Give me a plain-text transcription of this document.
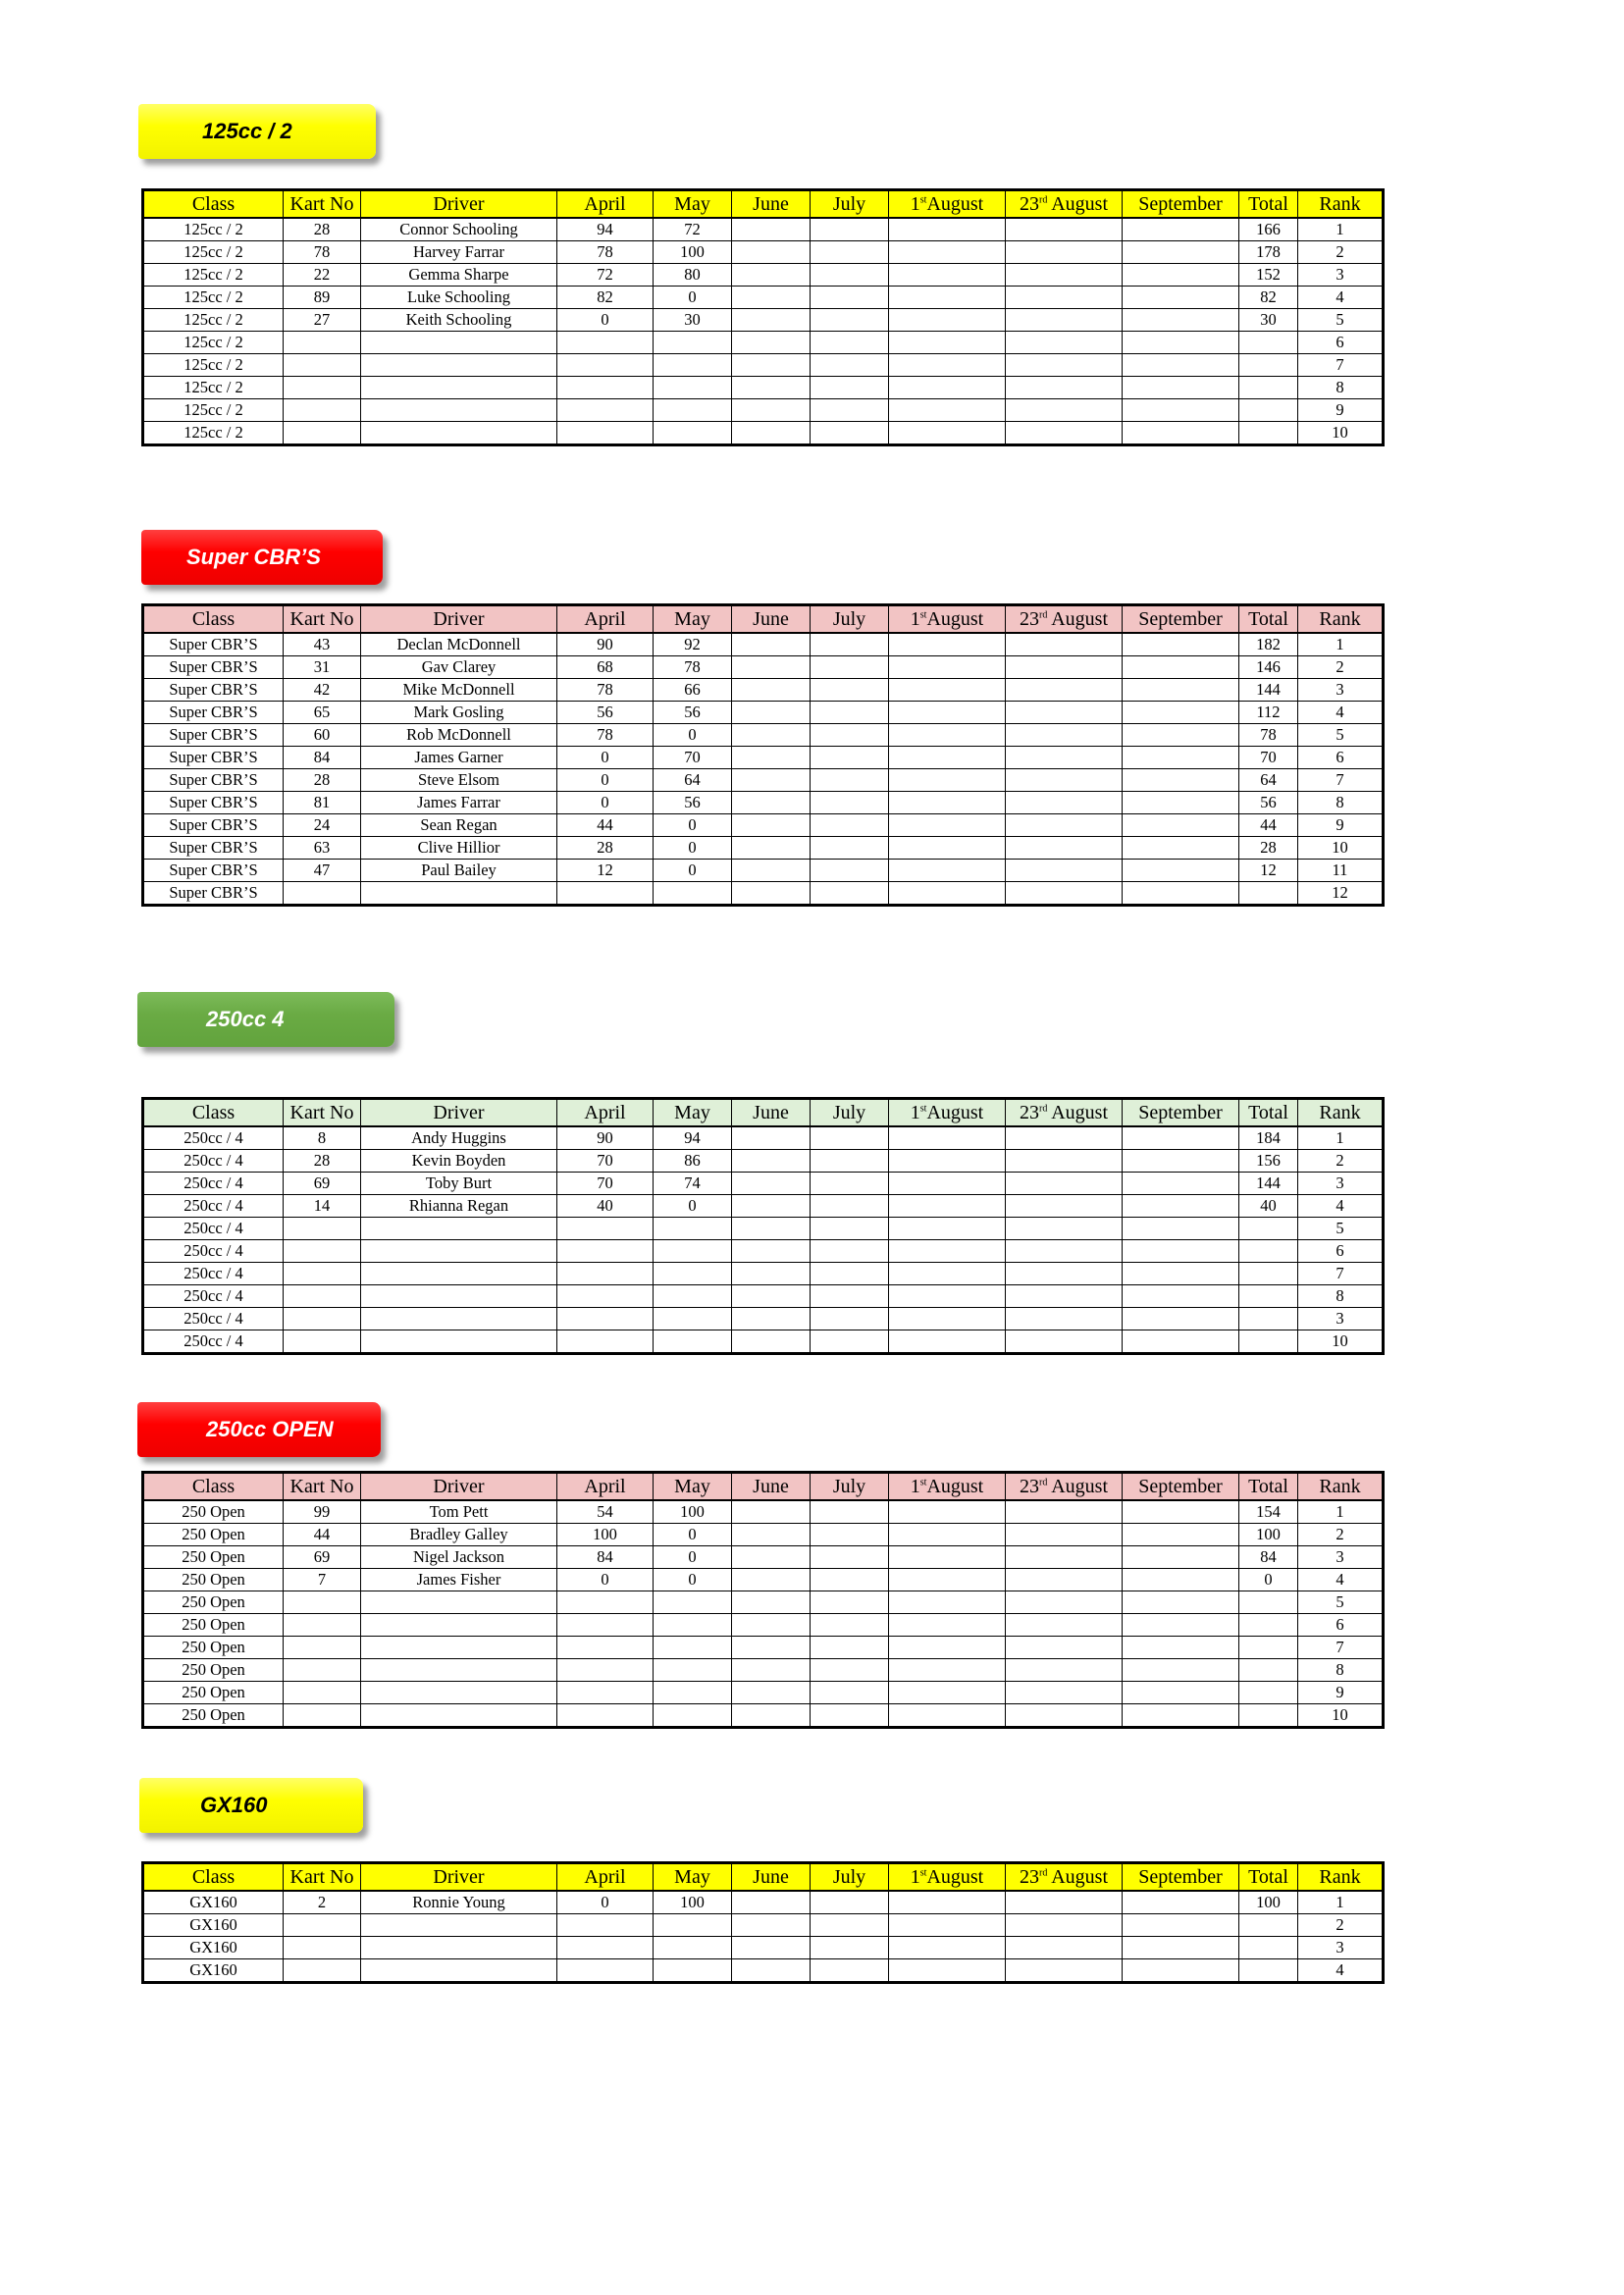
125cc / 2
Class	Kart No	Driver	April	May	June	July	1stAugust	23rd August	September	Total	Rank
125cc / 2	28	Connor Schooling	94	72						166	1
125cc / 2	78	Harvey Farrar	78	100						178	2
125cc / 2	22	Gemma Sharpe	72	80						152	3
125cc / 2	89	Luke Schooling	82	0						82	4
125cc / 2	27	Keith Schooling	0	30						30	5
125cc / 2											6
125cc / 2											7
125cc / 2											8
125cc / 2											9
125cc / 2											10
Super CBR’S
Class	Kart No	Driver	April	May	June	July	1stAugust	23rd August	September	Total	Rank
Super CBR’S	43	Declan McDonnell	90	92						182	1
Super CBR’S	31	Gav Clarey	68	78						146	2
Super CBR’S	42	Mike McDonnell	78	66						144	3
Super CBR’S	65	Mark Gosling	56	56						112	4
Super CBR’S	60	Rob McDonnell	78	0						78	5
Super CBR’S	84	James Garner	0	70						70	6
Super CBR’S	28	Steve Elsom	0	64						64	7
Super CBR’S	81	James Farrar	0	56						56	8
Super CBR’S	24	Sean Regan	44	0						44	9
Super CBR’S	63	Clive Hillior	28	0						28	10
Super CBR’S	47	Paul Bailey	12	0						12	11
Super CBR’S											12
250cc 4
Class	Kart No	Driver	April	May	June	July	1stAugust	23rd August	September	Total	Rank
250cc / 4	8	Andy Huggins	90	94						184	1
250cc / 4	28	Kevin Boyden	70	86						156	2
250cc / 4	69	Toby Burt	70	74						144	3
250cc / 4	14	Rhianna Regan	40	0						40	4
250cc / 4											5
250cc / 4											6
250cc / 4											7
250cc / 4											8
250cc / 4											3
250cc / 4											10
250cc OPEN
Class	Kart No	Driver	April	May	June	July	1stAugust	23rd August	September	Total	Rank
250 Open	99	Tom Pett	54	100						154	1
250 Open	44	Bradley Galley	100	0						100	2
250 Open	69	Nigel Jackson	84	0						84	3
250 Open	7	James Fisher	0	0						0	4
250 Open											5
250 Open											6
250 Open											7
250 Open											8
250 Open											9
250 Open											10
GX160
Class	Kart No	Driver	April	May	June	July	1stAugust	23rd August	September	Total	Rank
GX160	2	Ronnie Young	0	100						100	1
GX160											2
GX160											3
GX160											4
